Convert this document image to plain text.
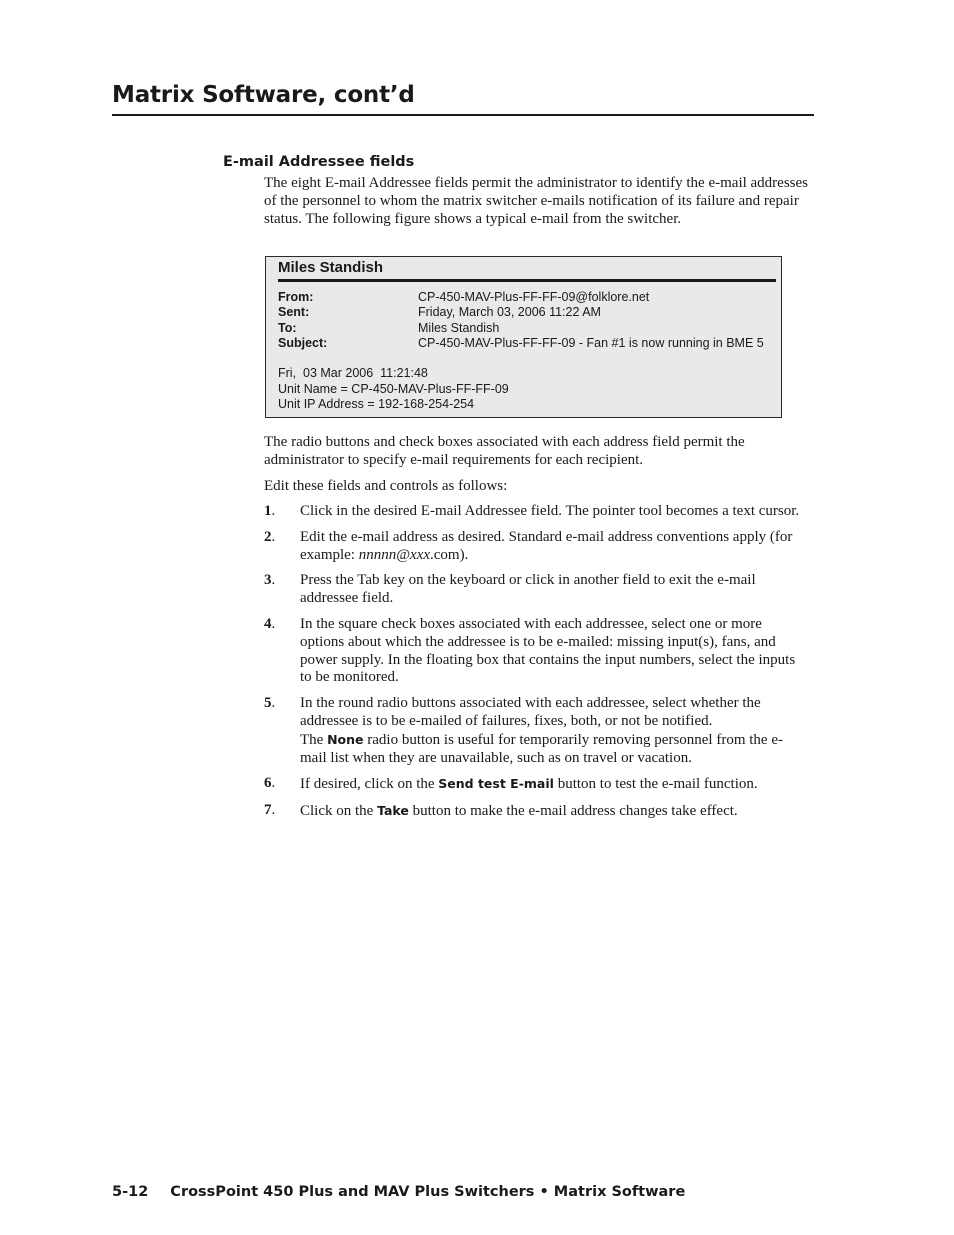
Matrix Software, cont’d
E-mail Addressee fields

The eight E-mail Addressee fields permit the administrator to identify the e-mail addresses of the personnel to whom the matrix switcher e-mails notification of its failure and repair status. The following figure shows a typical e-mail from the switcher.

Miles Standish
From:	CP-450-MAV-Plus-FF-FF-09@folklore.net
Sent:	Friday, March 03, 2006 11:22 AM
To:	Miles Standish
Subject:	CP-450-MAV-Plus-FF-FF-09 - Fan #1 is now running in BME 5
Fri,  03 Mar 2006  11:21:48
Unit Name = CP-450-MAV-Plus-FF-FF-09
Unit IP Address = 192-168-254-254

The radio buttons and check boxes associated with each address field permit the administrator to specify e-mail requirements for each recipient.

Edit these fields and controls as follows:

1. Click in the desired E-mail Addressee field. The pointer tool becomes a text cursor.
2. Edit the e-mail address as desired. Standard e-mail address conventions apply (for example: nnnnn@xxx.com).
3. Press the Tab key on the keyboard or click in another field to exit the e-mail addressee field.
4. In the square check boxes associated with each addressee, select one or more options about which the addressee is to be e-mailed: missing input(s), fans, and power supply. In the floating box that contains the input numbers, select the inputs to be monitored.
5. In the round radio buttons associated with each addressee, select whether the addressee is to be e-mailed of failures, fixes, both, or not be notified.
The None radio button is useful for temporarily removing personnel from the e-mail list when they are unavailable, such as on travel or vacation.
6. If desired, click on the Send test E-mail button to test the e-mail function.
7. Click on the Take button to make the e-mail address changes take effect.
5-12 CrossPoint 450 Plus and MAV Plus Switchers • Matrix Software
